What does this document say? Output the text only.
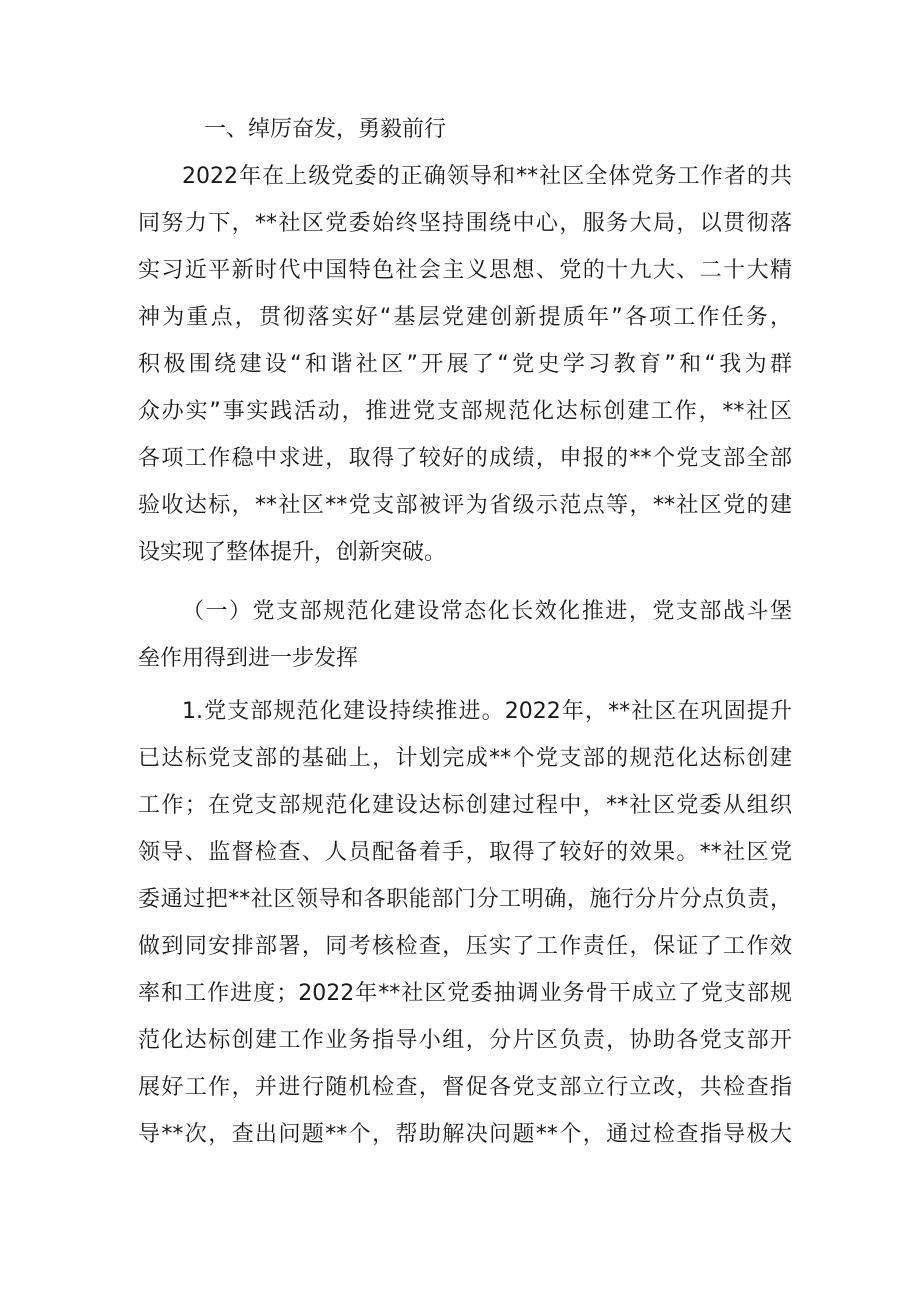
一、绰厉奋发，勇毅前行
2022年在上级党委的正确领导和**社区全体党务工作者的共
同努力下，**社区党委始终坚持围绕中心，服务大局，以贯彻落
实习近平新时代中国特色社会主义思想、党的十九大、二十大精
神为重点，贯彻落实好“基层党建创新提质年”各项工作任务，
积极围绕建设“和谐社区”开展了“党史学习教育”和“我为群
众办实”事实践活动，推进党支部规范化达标创建工作，**社区
各项工作稳中求进，取得了较好的成绩，申报的**个党支部全部
验收达标，**社区**党支部被评为省级示范点等，**社区党的建
设实现了整体提升，创新突破。
（一）党支部规范化建设常态化长效化推进，党支部战斗堡
垒作用得到进一步发挥
1.党支部规范化建设持续推进。2022年，**社区在巩固提升
已达标党支部的基础上，计划完成**个党支部的规范化达标创建
工作；在党支部规范化建设达标创建过程中，**社区党委从组织
领导、监督检查、人员配备着手，取得了较好的效果。**社区党
委通过把**社区领导和各职能部门分工明确，施行分片分点负责，
做到同安排部署，同考核检查，压实了工作责任，保证了工作效
率和工作进度；2022年**社区党委抽调业务骨干成立了党支部规
范化达标创建工作业务指导小组，分片区负责，协助各党支部开
展好工作，并进行随机检查，督促各党支部立行立改，共检查指
导**次，查出问题**个，帮助解决问题**个，通过检查指导极大
